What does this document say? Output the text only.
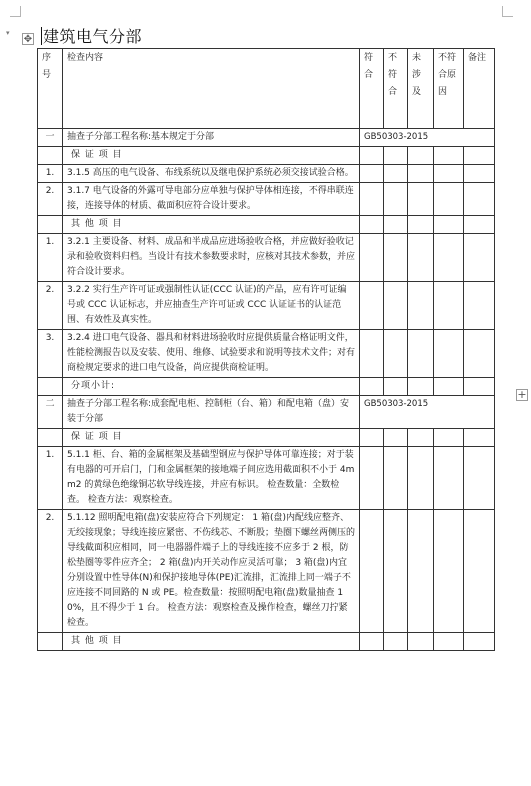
▾
✥
+
建筑电气分部
序号	检查内容	符合	不符合	未涉及	不符合原因	备注
一	抽查子分部工程名称:基本规定于分部	GB50303-2015				
	保 证 项 目					
1.	3.1.5 高压的电气设备、布线系统以及继电保护系统必须交接试验合格。					
2.	3.1.7 电气设备的外露可导电部分应单独与保护导体相连接，不得串联连接，连接导体的材质、截面积应符合设计要求。					
	其 他 项 目					
1.	3.2.1 主要设备、材料、成品和半成品应进场验收合格，并应做好验收记录和验收资料归档。当设计有技术参数要求时，应核对其技术参数，并应符合设计要求。					
2.	3.2.2 实行生产许可证或强制性认证(CCC 认证)的产品，应有许可证编号或 CCC 认证标志，并应抽查生产许可证或 CCC 认证证书的认证范围、有效性及真实性。					
3.	3.2.4 进口电气设备、器具和材料进场验收时应提供质量合格证明文件，性能检测报告以及安装、使用、维修、试验要求和说明等技术文件；对有商检规定要求的进口电气设备，尚应提供商检证明。					
	分项小计:					
二	抽查子分部工程名称:成套配电柜、控制柜（台、箱）和配电箱（盘）安装于分部	GB50303-2015				
	保 证 项 目					
1.	5.1.1 柜、台、箱的金属框架及基础型钢应与保护导体可靠连接；对于装有电器的可开启门，门和金属框架的接地端子间应选用截面积不小于 4mm2 的黄绿色绝缘铜芯软导线连接，并应有标识。 检查数量：全数检查。 检查方法：观察检查。					
2.	5.1.12 照明配电箱(盘)安装应符合下列规定： 1 箱(盘)内配线应整齐、无绞接现象；导线连接应紧密、不伤线芯、不断股；垫圈下螺丝两侧压的导线截面积应相同，同一电器器件端子上的导线连接不应多于 2 根，防松垫圈等零件应齐全； 2 箱(盘)内开关动作应灵活可靠； 3 箱(盘)内宜分别设置中性导体(N)和保护接地导体(PE)汇流排，汇流排上同一端子不应连接不同回路的 N 或 PE。检查数量：按照明配电箱(盘)数量抽查 10%，且不得少于 1 台。 检查方法：观察检查及操作检查，螺丝刀拧紧检查。					
	其 他 项 目					
